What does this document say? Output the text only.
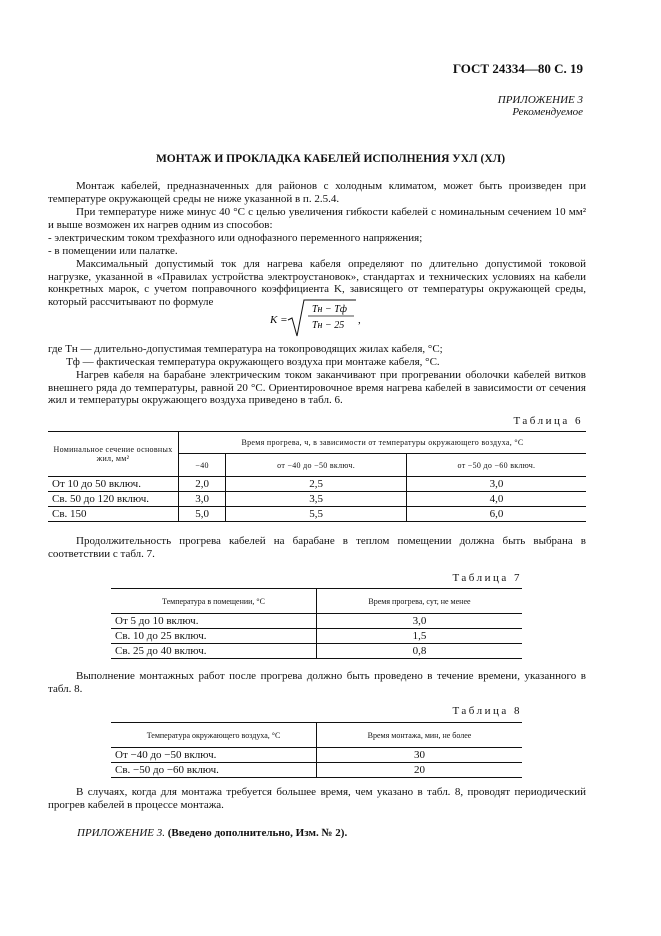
ГОСТ 24334—80 С. 19
ПРИЛОЖЕНИЕ 3
Рекомендуемое
МОНТАЖ И ПРОКЛАДКА КАБЕЛЕЙ ИСПОЛНЕНИЯ УХЛ (ХЛ)
Монтаж кабелей, предназначенных для районов с холодным климатом, может быть произведен при температуре окружающей среды не ниже указанной в п. 2.5.4.
При температуре ниже минус 40 °С с целью увеличения гибкости кабелей с номинальным сечением 10 мм² и выше возможен их нагрев одним из способов:
- электрическим током трехфазного или однофазного переменного напряжения;
- в помещении или палатке.
Максимальный допустимый ток для нагрева кабеля определяют по длительно допустимой токовой нагрузке, указанной в «Правилах устройства электроустановок», стандартах и технических условиях на кабели конкретных марок, с учетом поправочного коэффициента K, зависящего от температуры окружающей среды, который рассчитывают по формуле
K =
Tн − Tф
Tн − 25 ,
где Tн — длительно-допустимая температура на токопроводящих жилах кабеля, °С;
Tф — фактическая температура окружающего воздуха при монтаже кабеля, °С.
Нагрев кабеля на барабане электрическим током заканчивают при прогревании оболочки кабелей витков внешнего ряда до температуры, равной 20 °С. Ориентировочное время нагрева кабелей в зависимости от сечения жил и температуры окружающего воздуха приведено в табл. 6.
Таблица 6
Номинальное сечение основных жил, мм²	Время прогрева, ч, в зависимости от температуры окружающего воздуха, °С		
	−40	от −40 до −50 включ.	от −50 до −60 включ.
От 10 до 50 включ.	2,0	2,5	3,0
Св. 50 до 120 включ.	3,0	3,5	4,0
Св. 150	5,0	5,5	6,0
Продолжительность прогрева кабелей на барабане в теплом помещении должна быть выбрана в соответствии с табл. 7.
Таблица 7
Температура в помещении, °С	Время прогрева, сут, не менее
От 5 до 10 включ.	3,0
Св. 10 до 25 включ.	1,5
Св. 25 до 40 включ.	0,8
Выполнение монтажных работ после прогрева должно быть проведено в течение времени, указанного в табл. 8.
Таблица 8
Температура окружающего воздуха, °С	Время монтажа, мин, не более
От −40 до −50 включ.	30
Св. −50 до −60 включ.	20
В случаях, когда для монтажа требуется большее время, чем указано в табл. 8, проводят периодический прогрев кабелей в процессе монтажа.
ПРИЛОЖЕНИЕ 3. (Введено дополнительно, Изм. № 2).
